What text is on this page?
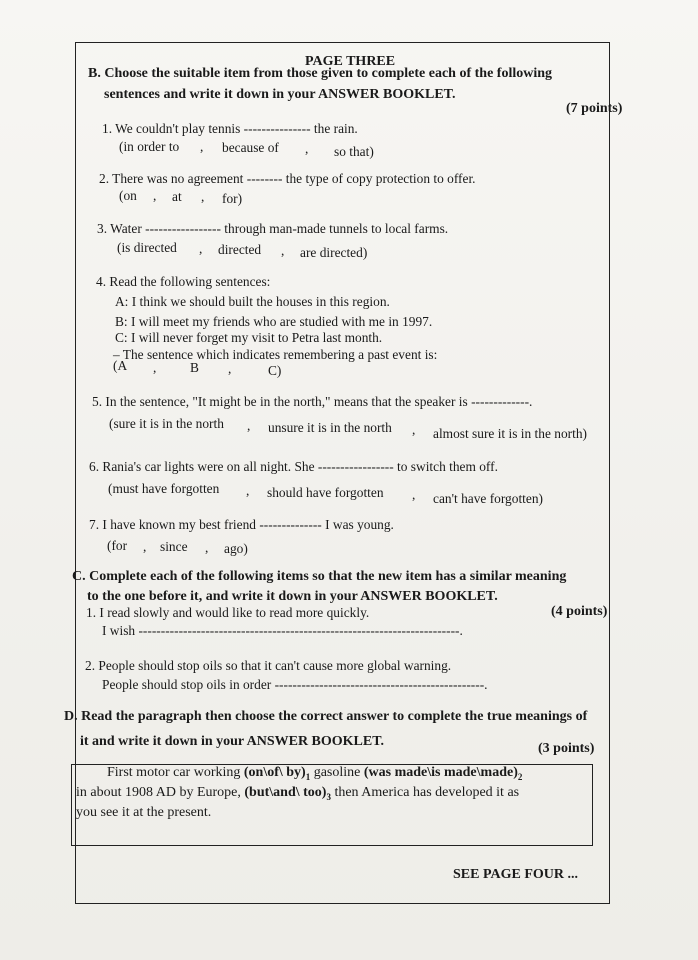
PAGE THREE
B. Choose the suitable item from those given to complete each of the following
sentences and write it down in your ANSWER BOOKLET.
(7 points)
1. We couldn't play tennis --------------- the rain.
(in order to , because of , so that)
2. There was no agreement -------- the type of copy protection to offer.
(on , at , for)
3. Water ----------------- through man-made tunnels to local farms.
(is directed , directed , are directed)
4. Read the following sentences:
A: I think we should built the houses in this region.
B: I will meet my friends who are studied with me in 1997.
C: I will never forget my visit to Petra last month.
– The sentence which indicates remembering a past event is:
(A ,	B ,	C)
5. In the sentence, "It might be in the north," means that the speaker is -------------.
(sure it is in the north , unsure it is in the north , almost sure it is in the north)
6. Rania's car lights were on all night. She ----------------- to switch them off.
(must have forgotten , should have forgotten , can't have forgotten)
7. I have known my best friend -------------- I was young.
(for , since , ago)
C. Complete each of the following items so that the new item has a similar meaning
to the one before it, and write it down in your ANSWER BOOKLET.
(4 points)
1. I read slowly and would like to read more quickly.
I wish ------------------------------------------------------------------------.
2. People should stop oils so that it can't cause more global warning.
People should stop oils in order -----------------------------------------------.
D. Read the paragraph then choose the correct answer to complete the true meanings of
it and write it down in your ANSWER BOOKLET.	(3 points)
First motor car working (on\of\ $by)_1$ gasoline (was made\is $made\backslash made)_2$
in about 1908 AD by Europe, (but\and\ $too)_3$ then America has developed it as
you see it at the present.
SEE PAGE FOUR ...
